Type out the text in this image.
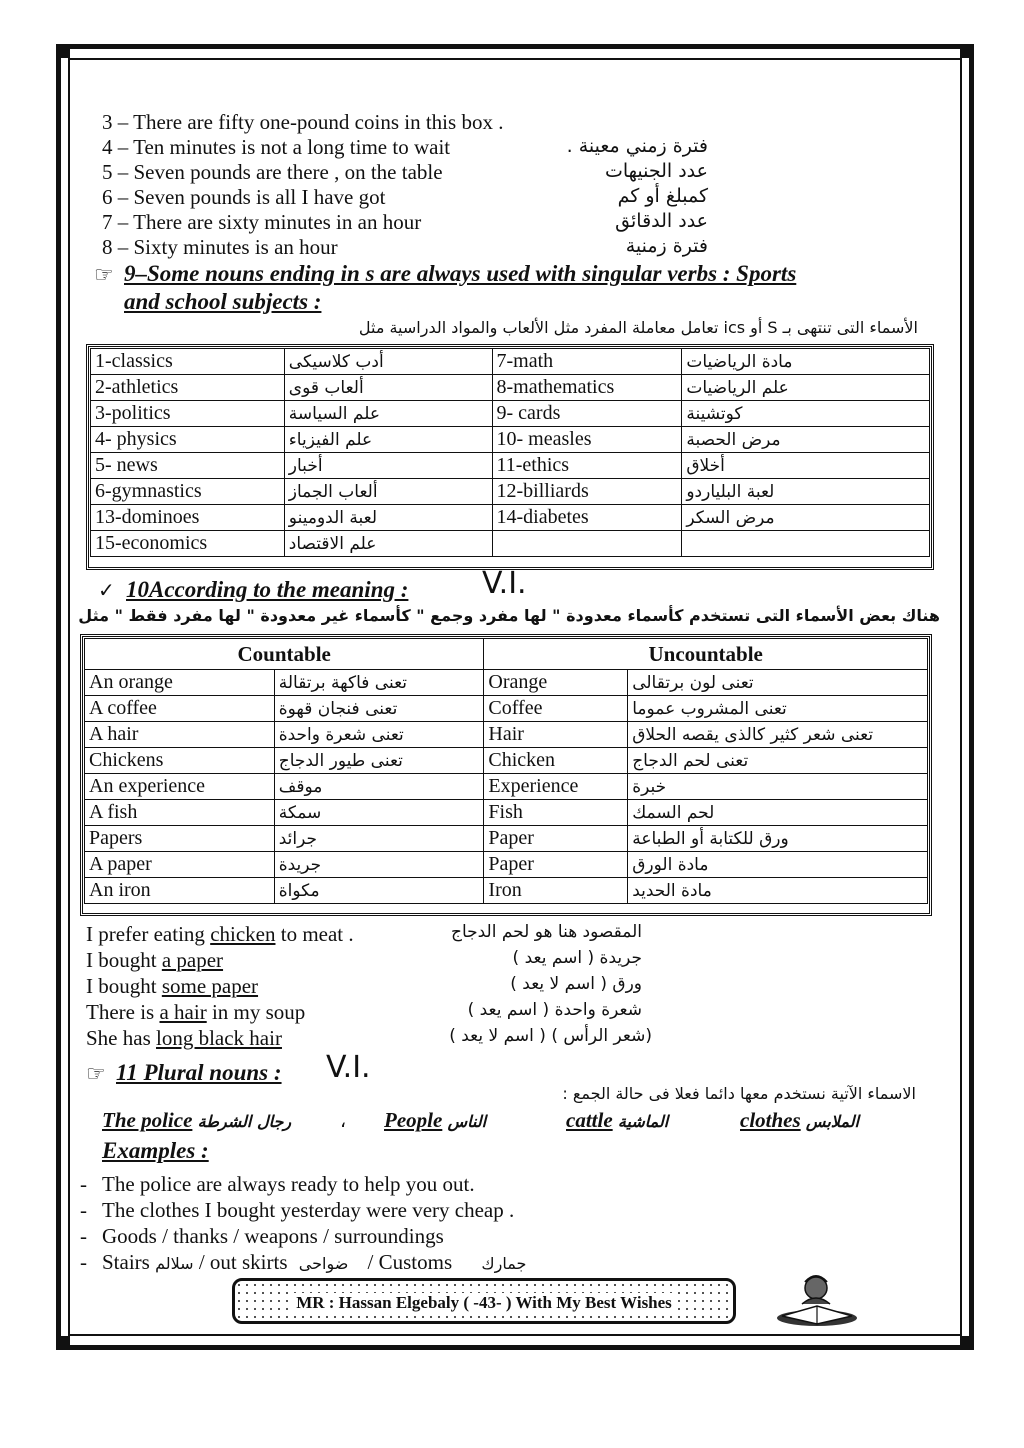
3 – There are fifty one-pound coins in this box .
4 – Ten minutes is not a long time to wait	فترة زمني معينة .
5 – Seven pounds are there , on the table	عدد الجنيهات
6 – Seven pounds is all I have got	كمبلغ أو كم
7 – There are sixty minutes in an hour	عدد الدقائق
8 – Sixty minutes is an hour	فترة زمنية
☞ 9–Some nouns ending in s are always used with singular verbs : Sports
and school subjects :
الأسماء التى تنتهى بـ S أو ics تعامل معاملة المفرد مثل الألعاب والمواد الدراسية مثل
1-classics	أدب كلاسيكى	7-math	مادة الرياضيات
2-athletics	ألعاب قوى	8-mathematics	علم الرياضيات
3-politics	علم السياسة	9- cards	كوتشينة
4- physics	علم الفيزياء	10- measles	مرض الحصبة
5- news	أخبار	11-ethics	أخلاق
6-gymnastics	ألعاب الجماز	12-billiards	لعبة البلياردو
13-dominoes	لعبة الدومينو	14-diabetes	مرض السكر
15-economics	علم الاقتصاد		
✓ 10According to the meaning : V.I.
هناك بعض الأسماء التى تستخدم كأسماء معدودة " لها مفرد وجمع " كأسماء غير معدودة " لها مفرد فقط " مثل
Countable		Uncountable	
An orange	تعنى فاكهة برتقالة	Orange	تعنى لون برتقالى
A coffee	تعنى فنجان قهوة	Coffee	تعنى المشروب عموما
A hair	تعنى شعرة واحدة	Hair	تعنى شعر كثير كالذى يقصه الحلاق
Chickens	تعنى طيور الدجاج	Chicken	تعنى لحم الدجاج
An experience	موقف	Experience	خبرة
A fish	سمكة	Fish	لحم السمك
Papers	جرائد	Paper	ورق للكتابة أو الطباعة
A paper	جريدة	Paper	مادة الورق
An iron	مكواة	Iron	مادة الحديد
I prefer eating chicken to meat .	المقصود هنا هو لحم الدجاج
I bought a paper	جريدة ( اسم يعد )
I bought some paper	ورق ( اسم لا يعد )
There is a hair in my soup	شعرة واحدة ( اسم يعد )
She has long black hair	(شعر الرأس ) ( اسم لا يعد )
☞ 11 Plural nouns : V.I.
الاسماء الآتية نستخدم معها دائما فعلا فى حالة الجمع :
The police رجال الشرطة	، People الناس	cattle الماشية	clothes الملابس
Examples :
- The police are always ready to help you out.
- The clothes I bought yesterday were very cheap .
- Goods / thanks / weapons / surroundings
- Stairs سلالم / out skirts ضواحى / Customs جمارك
MR : Hassan Elgebaly ( -43- ) With My Best Wishes
